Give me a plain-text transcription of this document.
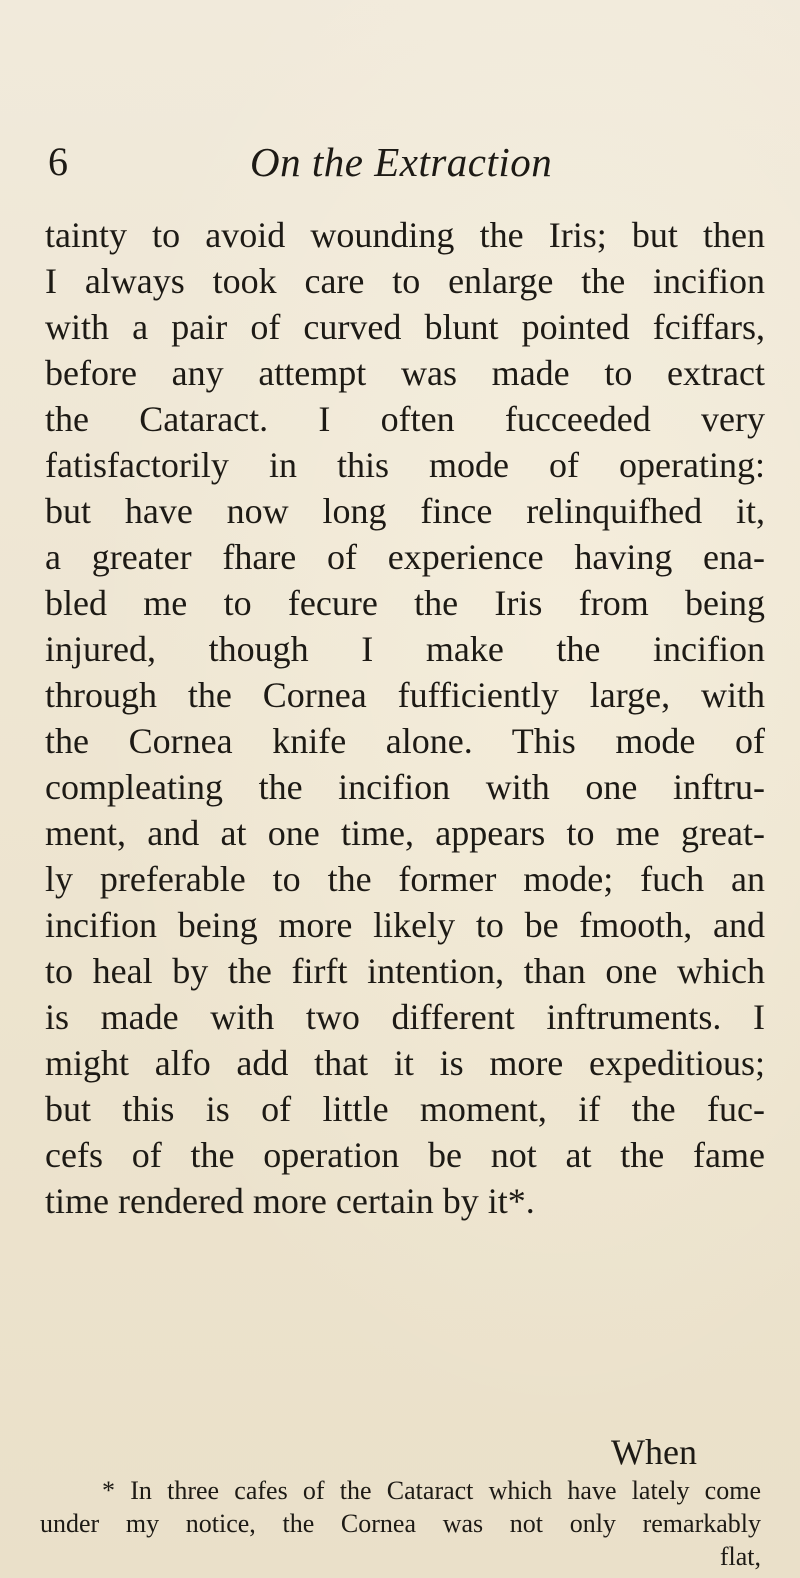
6	On the Extraction
tainty to avoid wounding the Iris; but then
I always took care to enlarge the incifion
with a pair of curved blunt pointed fciffars,
before any attempt was made to extract
the Cataract. I often fucceeded very
fatisfactorily in this mode of operating:
but have now long fince relinquifhed it,
a greater fhare of experience having ena-
bled me to fecure the Iris from being
injured, though I make the incifion
through the Cornea fufficiently large, with
the Cornea knife alone. This mode of
compleating the incifion with one inftru-
ment, and at one time, appears to me great-
ly preferable to the former mode; fuch an
incifion being more likely to be fmooth, and
to heal by the firft intention, than one which
is made with two different inftruments. I
might alfo add that it is more expeditious;
but this is of little moment, if the fuc-
cefs of the operation be not at the fame
time rendered more certain by it*.
When
* In three cafes of the Cataract which have lately come
under my notice, the Cornea was not only remarkably
flat,
